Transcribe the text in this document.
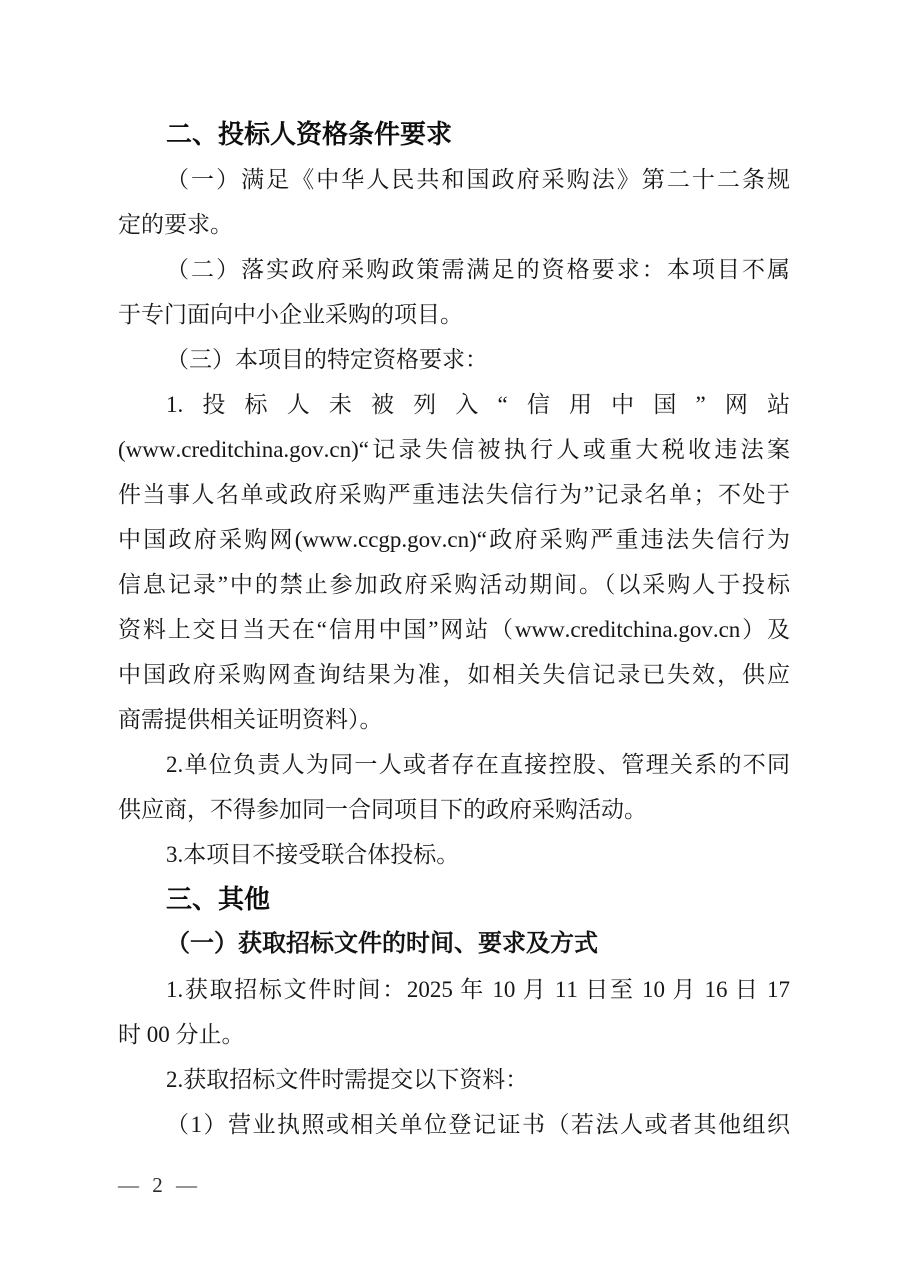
二、投标人资格条件要求
（一）满足《中华人民共和国政府采购法》第二十二条规
定的要求。
（二）落实政府采购政策需满足的资格要求：本项目不属
于专门面向中小企业采购的项目。
（三）本项目的特定资格要求：
1.投标人未被列入“信用中国”网站
(www.creditchina.gov.cn)“记录失信被执行人或重大税收违法案
件当事人名单或政府采购严重违法失信行为”记录名单；不处于
中国政府采购网(www.ccgp.gov.cn)“政府采购严重违法失信行为
信息记录”中的禁止参加政府采购活动期间。（以采购人于投标
资料上交日当天在“信用中国”网站（www.creditchina.gov.cn）及
中国政府采购网查询结果为准，如相关失信记录已失效，供应
商需提供相关证明资料）。
2.单位负责人为同一人或者存在直接控股、管理关系的不同
供应商，不得参加同一合同项目下的政府采购活动。
3.本项目不接受联合体投标。
三、其他
（一）获取招标文件的时间、要求及方式
1.获取招标文件时间：2025 年 10 月 11 日至 10 月 16 日 17
时 00 分止。
2.获取招标文件时需提交以下资料：
（1）营业执照或相关单位登记证书（若法人或者其他组织
— 2 —
